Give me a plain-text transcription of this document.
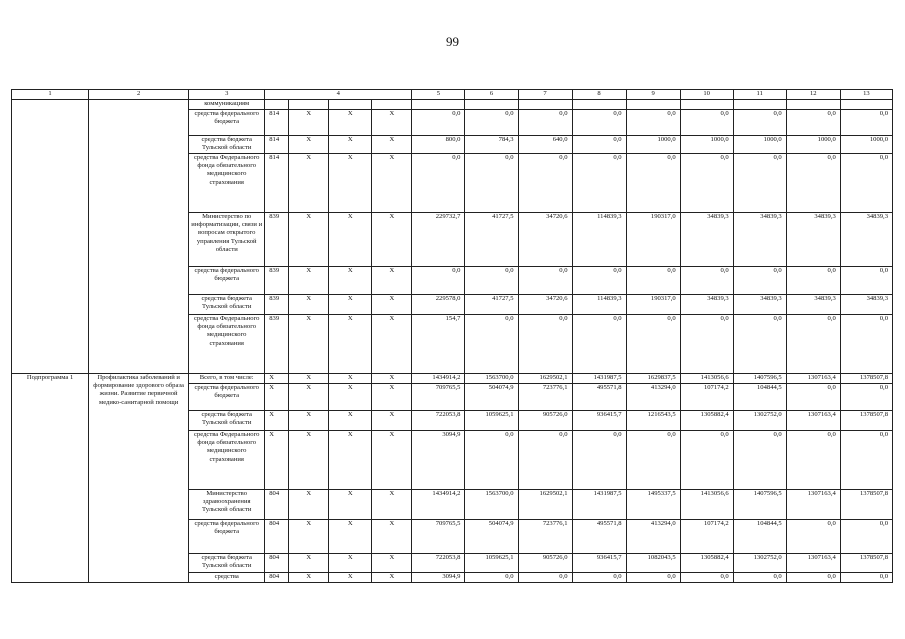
99
1	2	3	4				5	6	7	8	9	10	11	12	13
		коммуникациям													
		средства федерального бюджета	814	X	X	X	0,0	0,0	0,0	0,0	0,0	0,0	0,0	0,0	0,0
		средства бюджета Тульской области	814	X	X	X	800,0	784,3	640,0	0,0	1000,0	1000,0	1000,0	1000,0	1000,0
		средства Федерального фонда обязательного медицинского страхования	814	X	X	X	0,0	0,0	0,0	0,0	0,0	0,0	0,0	0,0	0,0
		Министерство по информатизации, связи и вопросам открытого управления Тульской области	839	X	X	X	229732,7	41727,5	34720,6	114839,3	190317,0	34839,3	34839,3	34839,3	34839,3
		средства федерального бюджета	839	X	X	X	0,0	0,0	0,0	0,0	0,0	0,0	0,0	0,0	0,0
		средства бюджета Тульской области	839	X	X	X	229578,0	41727,5	34720,6	114839,3	190317,0	34839,3	34839,3	34839,3	34839,3
		средства Федерального фонда обязательного медицинского страхования	839	X	X	X	154,7	0,0	0,0	0,0	0,0	0,0	0,0	0,0	0,0
Подпрограмма 1	Профилактика заболеваний и формирование здорового образа жизни. Развитие первичной медико-санитарной помощи	Всего, в том числе:	X	X	X	X	1434914,2	1563700,0	1629502,1	1431987,5	1629837,5	1413056,6	1407596,5	1307163,4	1378507,8
		средства федерального бюджета	X	X	X	X	709765,5	504074,9	723776,1	495571,8	413294,0	107174,2	104844,5	0,0	0,0
		средства бюджета Тульской области	X	X	X	X	722053,8	1059625,1	905726,0	936415,7	1216543,5	1305882,4	1302752,0	1307163,4	1378507,8
		средства Федерального фонда обязательного медицинского страхования	X	X	X	X	3094,9	0,0	0,0	0,0	0,0	0,0	0,0	0,0	0,0
		Министерство здравоохранения Тульской области	804	X	X	X	1434914,2	1563700,0	1629502,1	1431987,5	1495337,5	1413056,6	1407596,5	1307163,4	1378507,8
		средства федерального бюджета	804	X	X	X	709765,5	504074,9	723776,1	495571,8	413294,0	107174,2	104844,5	0,0	0,0
		средства бюджета Тульской области	804	X	X	X	722053,8	1059625,1	905726,0	936415,7	1082043,5	1305882,4	1302752,0	1307163,4	1378507,8
		средства	804	X	X	X	3094,9	0,0	0,0	0,0	0,0	0,0	0,0	0,0	0,0
